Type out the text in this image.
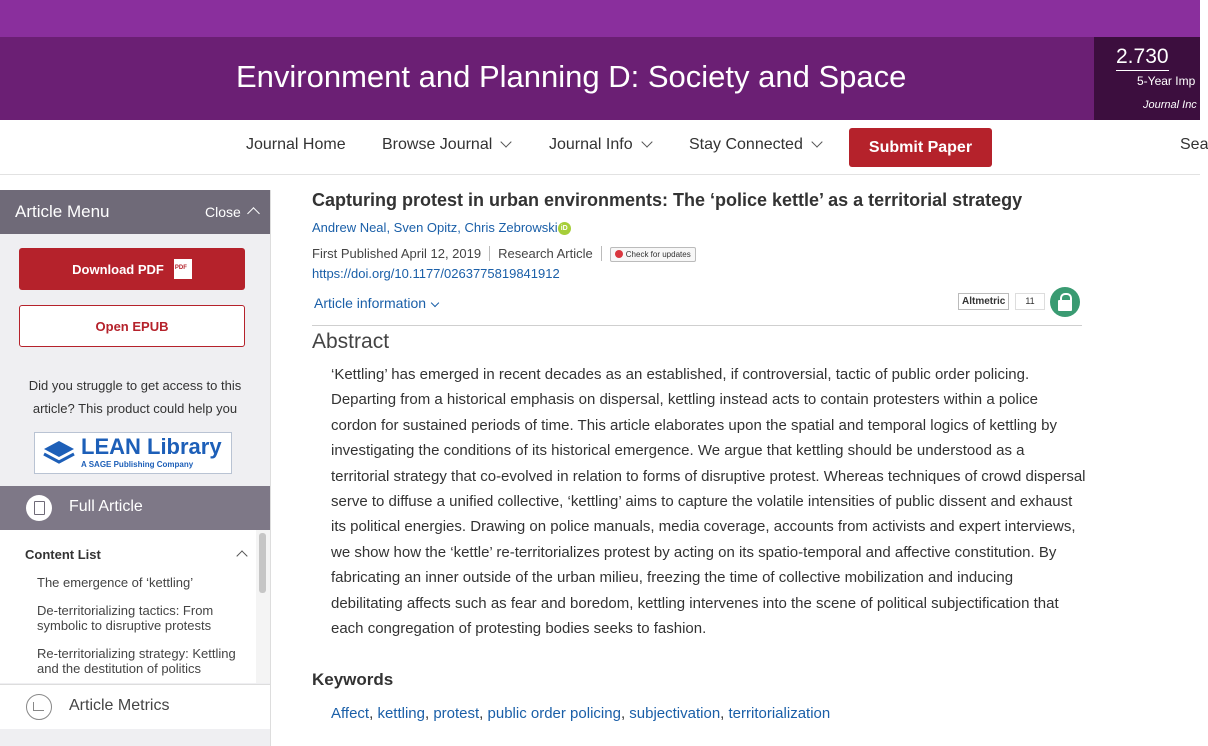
Environment and Planning D: Society and Space
2.730
5-Year Imp
Journal Inc
Journal Home Browse Journal	Journal Info	Stay Connected	Submit Paper	Sea
Article Menu	Close
Download PDF
PDF
Open EPUB
Did you struggle to get access to this article? This product could help you
LEAN Library
A SAGE Publishing Company
Full Article
Content List
The emergence of ‘kettling’
De-territorializing tactics: From symbolic to disruptive protests
Re-territorializing strategy: Kettling and the destitution of politics
Article Metrics
Capturing protest in urban environments: The ‘police kettle’ as a territorial strategy
Andrew Neal, Sven Opitz, Chris Zebrowski iD
First Published April 12, 2019 Research Article	Check for updates
https://doi.org/10.1177/0263775819841912
Article information	Altmetric	11
Abstract
‘Kettling’ has emerged in recent decades as an established, if controversial, tactic of public order policing. Departing from a historical emphasis on dispersal, kettling instead acts to contain protesters within a police cordon for sustained periods of time. This article elaborates upon the spatial and temporal logics of kettling by investigating the conditions of its historical emergence. We argue that kettling should be understood as a territorial strategy that co-evolved in relation to forms of disruptive protest. Whereas techniques of crowd dispersal serve to diffuse a unified collective, ‘kettling’ aims to capture the volatile intensities of public dissent and exhaust its political energies. Drawing on police manuals, media coverage, accounts from activists and expert interviews, we show how the ‘kettle’ re-territorializes protest by acting on its spatio-temporal and affective constitution. By fabricating an inner outside of the urban milieu, freezing the time of collective mobilization and inducing debilitating affects such as fear and boredom, kettling intervenes into the scene of political subjectification that each congregation of protesting bodies seeks to fashion.
Keywords
Affect, kettling, protest, public order policing, subjectivation, territorialization
